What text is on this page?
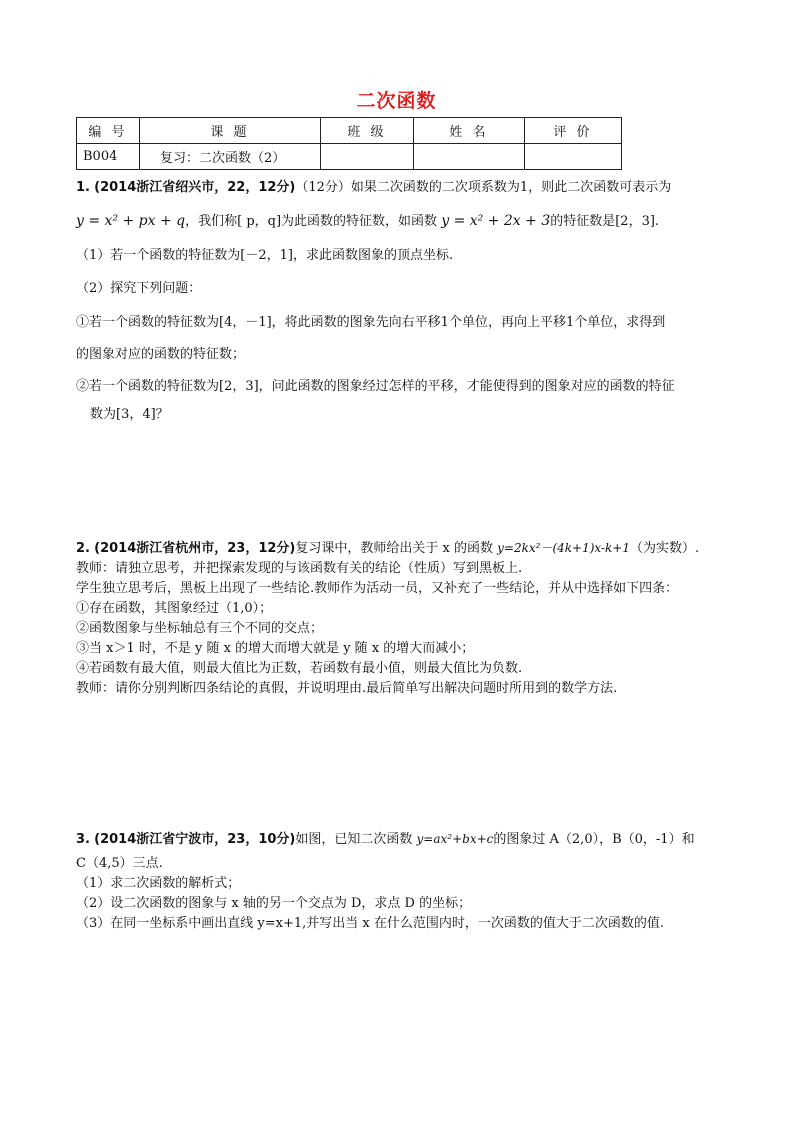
二次函数
编 号	课 题	班 级	姓 名	评 价
B004	复习：二次函数（2）			
1. (2014浙江省绍兴市，22，12分)（12分）如果二次函数的二次项系数为1，则此二次函数可表示为
y = x² + px + q，我们称[ p，q]为此函数的特征数，如函数 y = x² + 2x + 3的特征数是[2，3].
（1）若一个函数的特征数为[－2，1]，求此函数图象的顶点坐标.
（2）探究下列问题：
①若一个函数的特征数为[4，－1]，将此函数的图象先向右平移1个单位，再向上平移1个单位，求得到
的图象对应的函数的特征数；
②若一个函数的特征数为[2，3]，问此函数的图象经过怎样的平移，才能使得到的图象对应的函数的特征
数为[3，4]？
2. (2014浙江省杭州市，23，12分)复习课中，教师给出关于 x 的函数 y=2kx²－(4k+1)x-k+1（为实数）.
教师：请独立思考，并把探索发现的与该函数有关的结论（性质）写到黑板上.
学生独立思考后，黑板上出现了一些结论.教师作为活动一员，又补充了一些结论，并从中选择如下四条：
①存在函数，其图象经过（1,0）；
②函数图象与坐标轴总有三个不同的交点；
③当 x＞1 时，不是 y 随 x 的增大而增大就是 y 随 x 的增大而减小；
④若函数有最大值，则最大值比为正数，若函数有最小值，则最大值比为负数.
教师：请你分别判断四条结论的真假，并说明理由.最后简单写出解决问题时所用到的数学方法.
3. (2014浙江省宁波市，23，10分)如图，已知二次函数 y=ax²+bx+c的图象过 A（2,0），B（0，-1）和
C（4,5）三点.
（1）求二次函数的解析式；
（2）设二次函数的图象与 x 轴的另一个交点为 D，求点 D 的坐标；
（3）在同一坐标系中画出直线 y=x+1,并写出当 x 在什么范围内时，一次函数的值大于二次函数的值.
